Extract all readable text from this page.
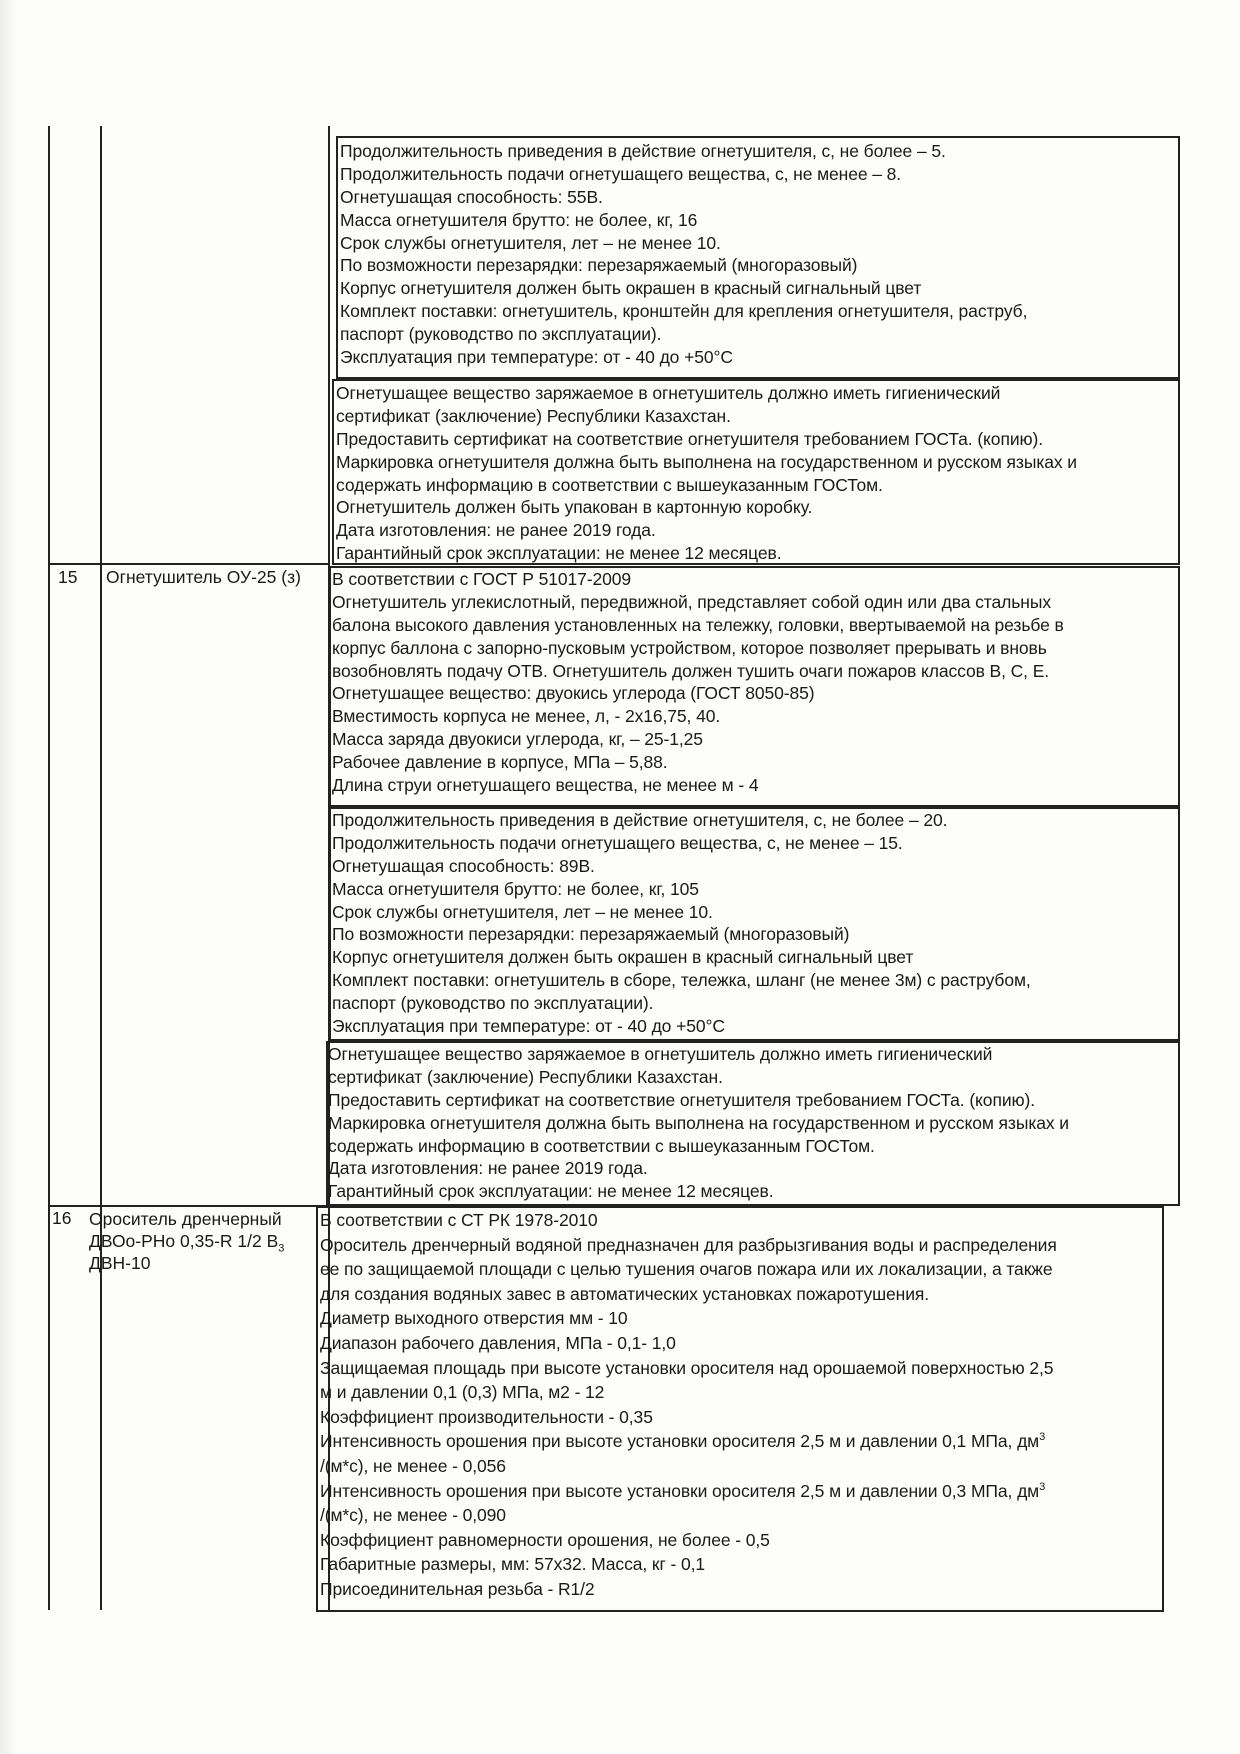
Продолжительность приведения в действие огнетушителя, с, не более – 5.
Продолжительность подачи огнетушащего вещества, с, не менее – 8.
Огнетушащая способность: 55В.
Масса огнетушителя брутто: не более, кг, 16
Срок службы огнетушителя, лет – не менее 10.
По возможности перезарядки: перезаряжаемый (многоразовый)
Корпус огнетушителя должен быть окрашен в красный сигнальный цвет
Комплект поставки: огнетушитель, кронштейн для крепления огнетушителя, раструб,
паспорт (руководство по эксплуатации).
Эксплуатация при температуре: от - 40 до +50°С
Огнетушащее вещество заряжаемое в огнетушитель должно иметь гигиенический
сертификат (заключение) Республики Казахстан.
Предоставить сертификат на соответствие огнетушителя требованием ГОСТа. (копию).
Маркировка огнетушителя должна быть выполнена на государственном и русском языках и
содержать информацию в соответствии с вышеуказанным ГОСТом.
Огнетушитель должен быть упакован в картонную коробку.
Дата изготовления: не ранее 2019 года.
Гарантийный срок эксплуатации: не менее 12 месяцев.
15 Огнетушитель ОУ-25 (з) В соответствии с ГОСТ Р 51017-2009
Огнетушитель углекислотный, передвижной, представляет собой один или два стальных
балона высокого давления установленных на тележку, головки, ввертываемой на резьбе в
корпус баллона с запорно-пусковым устройством, которое позволяет прерывать и вновь
возобновлять подачу ОТВ. Огнетушитель должен тушить очаги пожаров классов В, С, Е.
Огнетушащее вещество: двуокись углерода (ГОСТ 8050-85)
Вместимость корпуса не менее, л, - 2х16,75, 40.
Масса заряда двуокиси углерода, кг, – 25-1,25
Рабочее давление в корпусе, МПа – 5,88.
Длина струи огнетушащего вещества, не менее м - 4
Продолжительность приведения в действие огнетушителя, с, не более – 20.
Продолжительность подачи огнетушащего вещества, с, не менее – 15.
Огнетушащая способность: 89В.
Масса огнетушителя брутто: не более, кг, 105
Срок службы огнетушителя, лет – не менее 10.
По возможности перезарядки: перезаряжаемый (многоразовый)
Корпус огнетушителя должен быть окрашен в красный сигнальный цвет
Комплект поставки: огнетушитель в сборе, тележка, шланг (не менее 3м) с раструбом,
паспорт (руководство по эксплуатации).
Эксплуатация при температуре: от - 40 до +50°С
Огнетушащее вещество заряжаемое в огнетушитель должно иметь гигиенический
сертификат (заключение) Республики Казахстан.
Предоставить сертификат на соответствие огнетушителя требованием ГОСТа. (копию).
Маркировка огнетушителя должна быть выполнена на государственном и русском языках и
содержать информацию в соответствии с вышеуказанным ГОСТом.
Дата изготовления: не ранее 2019 года.
Гарантийный срок эксплуатации: не менее 12 месяцев.
16 Ороситель дренчерный
ДВОо-РНо 0,35-R 1/2 $В_3$
ДВН-10
В соответствии с СТ РК 1978-2010
Ороситель дренчерный водяной предназначен для разбрызгивания воды и распределения
ее по защищаемой площади с целью тушения очагов пожара или их локализации, а также
для создания водяных завес в автоматических установках пожаротушения.
Диаметр выходного отверстия мм - 10
Диапазон рабочего давления, МПа - 0,1- 1,0
Защищаемая площадь при высоте установки оросителя над орошаемой поверхностью 2,5
м и давлении 0,1 (0,3) МПа, м2 - 12
Коэффициент производительности - 0,35
Интенсивность орошения при высоте установки оросителя 2,5 м и давлении 0,1 МПа, $дм^3$
/(м*с), не менее - 0,056
Интенсивность орошения при высоте установки оросителя 2,5 м и давлении 0,3 МПа, $дм^3$
/(м*с), не менее - 0,090
Коэффициент равномерности орошения, не более - 0,5
Габаритные размеры, мм: 57х32. Масса, кг - 0,1
Присоединительная резьба - R1/2
